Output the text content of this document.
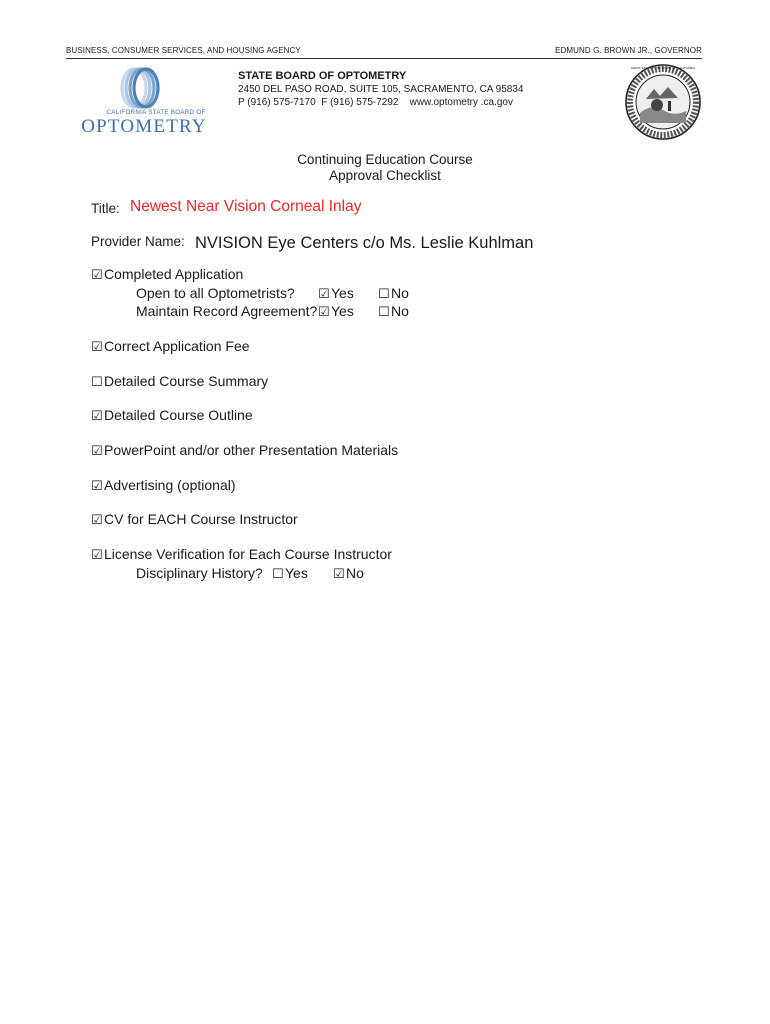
BUSINESS, CONSUMER SERVICES, AND HOUSING AGENCY	EDMUND G. BROWN JR., GOVERNOR
CALIFORNIA STATE BOARD OF
OPTOMETRY
STATE BOARD OF OPTOMETRY
2450 DEL PASO ROAD, SUITE 105, SACRAMENTO, CA 95834
P (916) 575-7170  F (916) 575-7292    www.optometry .ca.gov
GREAT SEAL OF THE STATE OF CALIFORNIA
Continuing Education Course
Approval Checklist
Title: Newest Near Vision Corneal Inlay
Provider Name: NVISION Eye Centers c/o Ms. Leslie Kuhlman
☑Completed Application
Open to all Optometrists? ☑Yes ☐No
Maintain Record Agreement? ☑Yes ☐No
☑Correct Application Fee
☐Detailed Course Summary
☑Detailed Course Outline
☑PowerPoint and/or other Presentation Materials
☑Advertising (optional)
☑CV for EACH Course Instructor
☑License Verification for Each Course Instructor
Disciplinary History? ☐Yes ☑No
